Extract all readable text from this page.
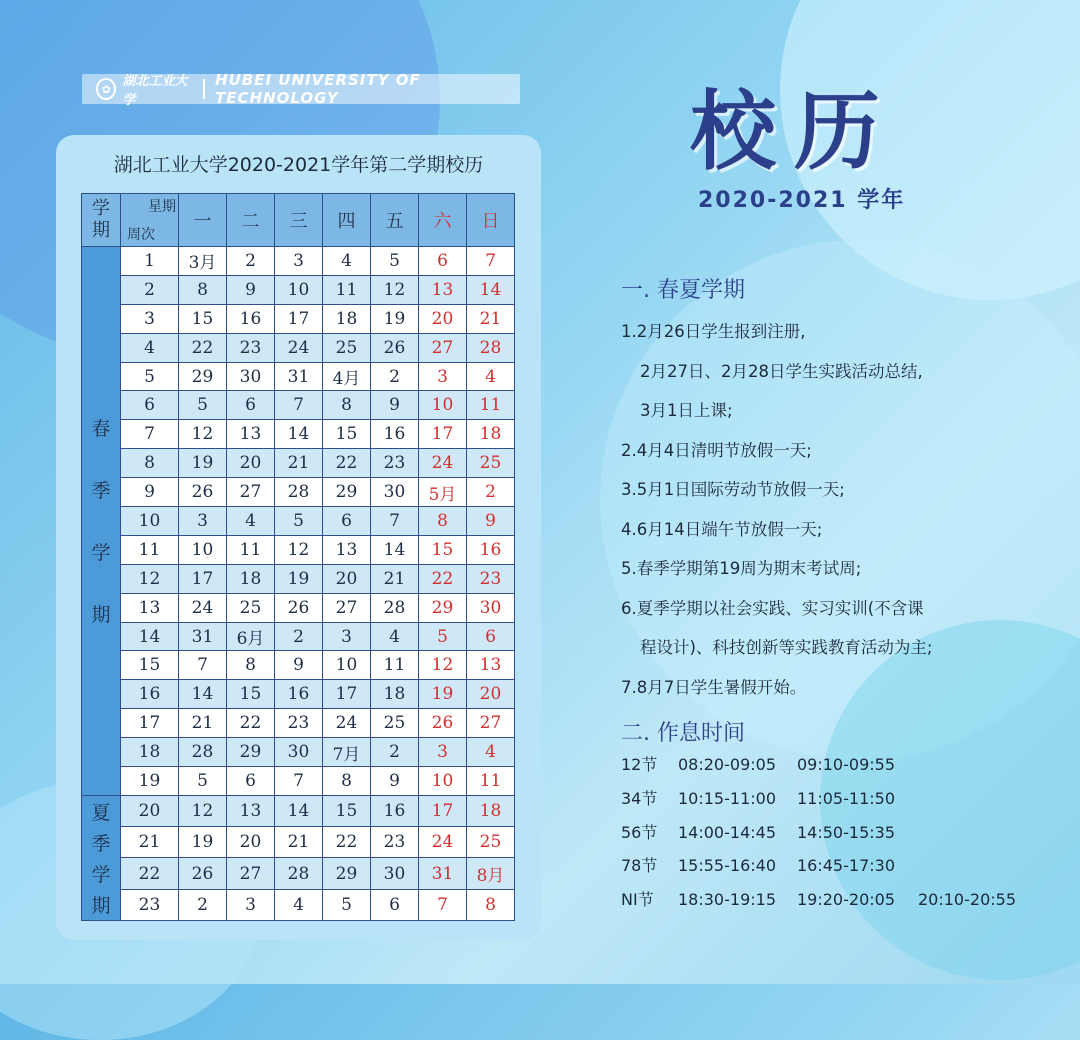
✿ 湖北工业大学
HUBEI UNIVERSITY OF TECHNOLOGY
湖北工业大学2020-2021学年第二学期校历
学期	星期
周次	一	二	三	四	五	六	日

春
季
学
期	1	3月	2	3	4	5	6	7
	2	8	9	10	11	12	13	14
	3	15	16	17	18	19	20	21
	4	22	23	24	25	26	27	28
	5	29	30	31	4月	2	3	4
	6	5	6	7	8	9	10	11
	7	12	13	14	15	16	17	18
	8	19	20	21	22	23	24	25
	9	26	27	28	29	30	5月	2
	10	3	4	5	6	7	8	9
	11	10	11	12	13	14	15	16
	12	17	18	19	20	21	22	23
	13	24	25	26	27	28	29	30
	14	31	6月	2	3	4	5	6
	15	7	8	9	10	11	12	13
	16	14	15	16	17	18	19	20
	17	21	22	23	24	25	26	27
	18	28	29	30	7月	2	3	4
	19	5	6	7	8	9	10	11

夏
季
学
期	20	12	13	14	15	16	17	18
	21	19	20	21	22	23	24	25
	22	26	27	28	29	30	31	8月
	23	2	3	4	5	6	7	8
校历
2020-2021 学年
一. 春夏学期
1.2月26日学生报到注册,
2月27日、2月28日学生实践活动总结,
3月1日上课;
2.4月4日清明节放假一天;
3.5月1日国际劳动节放假一天;
4.6月14日端午节放假一天;
5.春季学期第19周为期末考试周;
6.夏季学期以社会实践、实习实训(不含课
程设计)、科技创新等实践教育活动为主;
7.8月7日学生暑假开始。
二. 作息时间
12节 08:20-09:05 09:10-09:55
34节 10:15-11:00 11:05-11:50
56节 14:00-14:45 14:50-15:35
78节 15:55-16:40 16:45-17:30
NI节 18:30-19:15 19:20-20:05 20:10-20:55
